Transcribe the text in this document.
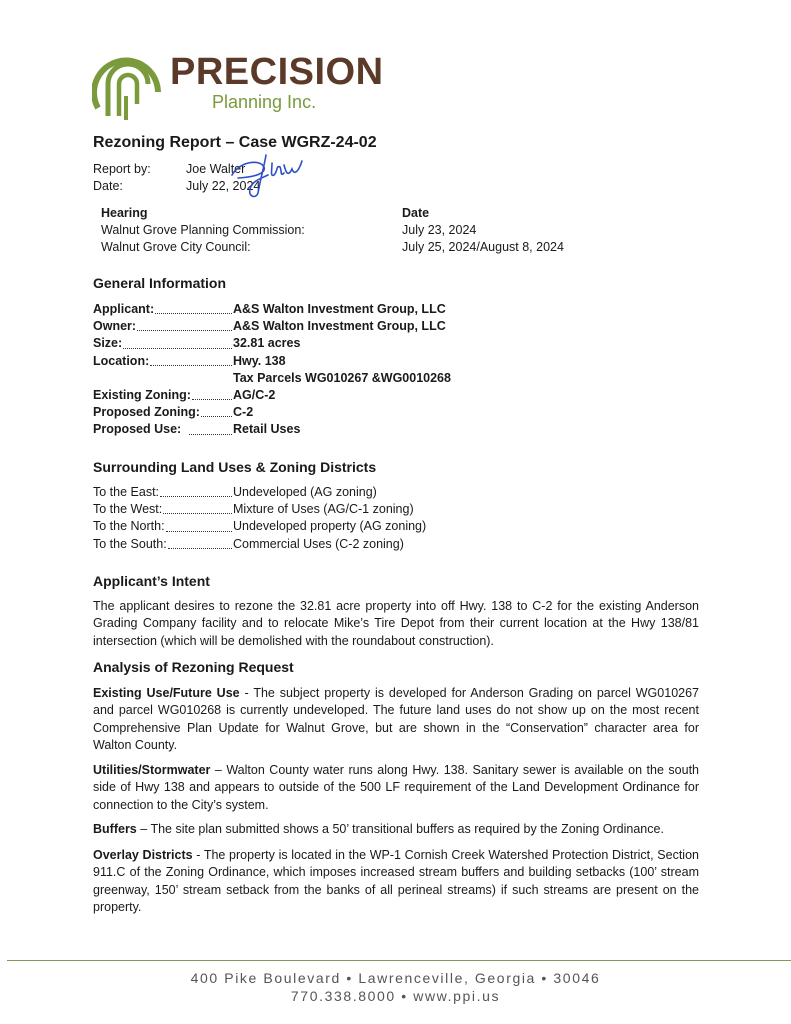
PRECISION
Planning Inc.
Rezoning Report – Case WGRZ-24-02
Report by:	Joe Walter
Date:	July 22, 2024
Hearing	Date
Walnut Grove Planning Commission:	July 23, 2024
Walnut Grove City Council:	July 25, 2024/August 8, 2024
General Information
Applicant:	A&S Walton Investment Group, LLC
Owner:	A&S Walton Investment Group, LLC
Size:	32.81 acres
Location:	Hwy. 138
Tax Parcels WG010267 &WG0010268
Existing Zoning:	AG/C-2
Proposed Zoning:	C-2
Proposed Use:	Retail Uses
Surrounding Land Uses & Zoning Districts
To the East:	Undeveloped (AG zoning)
To the West:	Mixture of Uses (AG/C-1 zoning)
To the North:	Undeveloped property (AG zoning)
To the South:	Commercial Uses (C-2 zoning)
Applicant’s Intent
The applicant desires to rezone the 32.81 acre property into off Hwy. 138 to C-2 for the existing Anderson Grading Company facility and to relocate Mike’s Tire Depot from their current location at the Hwy 138/81 intersection (which will be demolished with the roundabout construction).
Analysis of Rezoning Request
Existing Use/Future Use - The subject property is developed for Anderson Grading on parcel WG010267 and parcel WG010268 is currently undeveloped. The future land uses do not show up on the most recent Comprehensive Plan Update for Walnut Grove, but are shown in the “Conservation” character area for Walton County.
Utilities/Stormwater – Walton County water runs along Hwy. 138. Sanitary sewer is available on the south side of Hwy 138 and appears to outside of the 500 LF requirement of the Land Development Ordinance for connection to the City’s system.
Buffers – The site plan submitted shows a 50’ transitional buffers as required by the Zoning Ordinance.
Overlay Districts - The property is located in the WP-1 Cornish Creek Watershed Protection District, Section 911.C of the Zoning Ordinance, which imposes increased stream buffers and building setbacks (100’ stream greenway, 150’ stream setback from the banks of all perineal streams) if such streams are present on the property.
400 Pike Boulevard • Lawrenceville, Georgia • 30046
770.338.8000 • www.ppi.us
